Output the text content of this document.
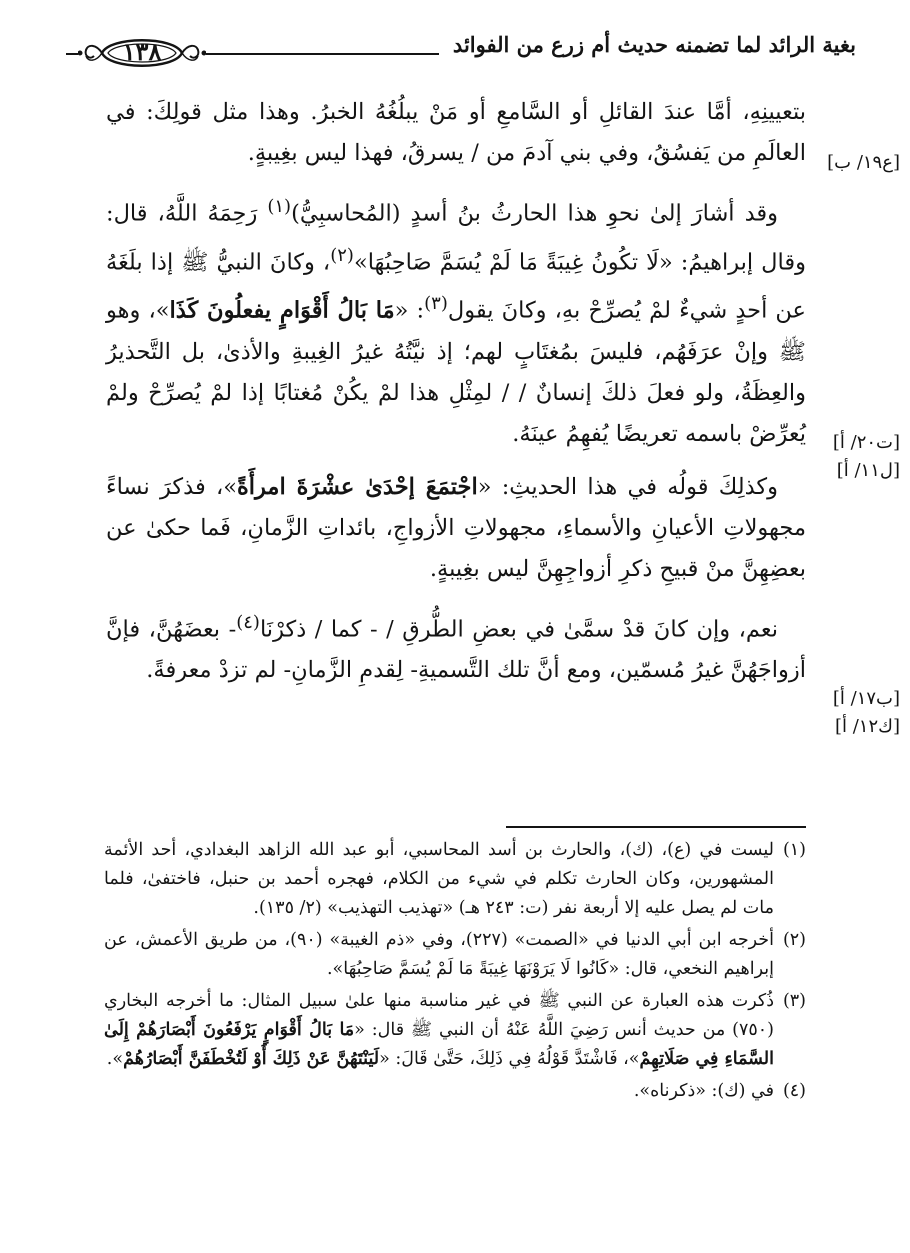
بغية الرائد لما تضمنه حديث أم زرع من الفوائد
١٣٨

بتعيينِهِ، أمَّا عندَ القائلِ أو السَّامعِ أو مَنْ يبلُغُهُ الخبرُ. وهذا مثل قولِكَ: في العالَمِ من يَفسُقُ، وفي بني آدمَ من / يسرقُ، فهذا ليس بغِيبةٍ.

وقد أشارَ إلىٰ نحوِ هذا الحارثُ بنُ أسدٍ (المُحاسبِيُّ)$^{(١)}$ رَحِمَهُ اللَّهُ، قال: وقال إبراهيمُ: «لَا تكُونُ غِيبَةً مَا لَمْ يُسَمَّ صَاحِبُهَا»$^{(٢)}$، وكانَ النبيُّ ﷺ إذا بلَغَهُ عن أحدٍ شيءٌ لمْ يُصرِّحْ بهِ، وكانَ يقول$^{(٣)}$: «مَا بَالُ أَقْوَامٍ يفعلُونَ كَذَا»، وهو ﷺ وإنْ عرَفَهُم، فليسَ بمُغتَابٍ لهم؛ إذ نيَّتُهُ غيرُ الغِيبةِ والأذىٰ، بل التَّحذيرُ والعِظَةُ، ولو فعلَ ذلكَ إنسانٌ / / لمِثْلِ هذا لمْ يكُنْ مُغتابًا إذا لمْ يُصرِّحْ ولمْ يُعرِّضْ باسمه تعريضًا يُفهِمُ عينَهُ.

وكذلِكَ قولُه في هذا الحديثِ: «اجْتمَعَ إحْدَىٰ عشْرَةَ امرأَةً»، فذكرَ نساءً مجهولاتِ الأعيانِ والأسماءِ، مجهولاتِ الأزواجِ، بائداتِ الزَّمانِ، فَما حكىٰ عن بعضِهِنَّ منْ قبيحِ ذكرِ أزواجِهِنَّ ليس بغِيبةٍ.

نعم، وإن كانَ قدْ سمَّىٰ في بعضِ الطُّرقِ / - كما / ذكرْنَا$^{(٤)}$- بعضَهُنَّ، فإنَّ أزواجَهُنَّ غيرُ مُسمّين، ومع أنَّ تلك التَّسميةِ- لِقدمِ الزَّمانِ- لم تزدْ معرفةً.

[ع١٩/ ب]
[ت٢٠/ أ]
[ل١١/ أ]
[ب١٧/ أ]
[ك١٢/ أ]

(١)ليست في (ع)، (ك)، والحارث بن أسد المحاسبي، أبو عبد الله الزاهد البغدادي، أحد الأئمة المشهورين، وكان الحارث تكلم في شيء من الكلام، فهجره أحمد بن حنبل، فاختفىٰ، فلما مات لم يصل عليه إلا أربعة نفر (ت: ٢٤٣ هـ) «تهذيب التهذيب» (٢/ ١٣٥).

(٢)أخرجه ابن أبي الدنيا في «الصمت» (٢٢٧)، وفي «ذم الغيبة» (٩٠)، من طريق الأعمش، عن إبراهيم النخعي، قال: «كَانُوا لَا يَرَوْنَهَا غِيبَةً مَا لَمْ يُسَمَّ صَاحِبُهَا».

(٣)ذُكرت هذه العبارة عن النبي ﷺ في غير مناسبة منها علىٰ سبيل المثال: ما أخرجه البخاري (٧٥٠) من حديث أنس رَضِيَ اللَّهُ عَنْهُ أن النبي ﷺ قال: «مَا بَالُ أَقْوَامٍ يَرْفَعُونَ أَبْصَارَهُمْ إِلَىٰ السَّمَاءِ فِي صَلَاتِهِمْ»، فَاشْتَدَّ قَوْلُهُ فِي ذَلِكَ، حَتَّىٰ قَالَ: «لَيَنْتَهُنَّ عَنْ ذَلِكَ أَوْ لَتُخْطَفَنَّ أَبْصَارُهُمْ».

(٤)في (ك): «ذكرناه».
